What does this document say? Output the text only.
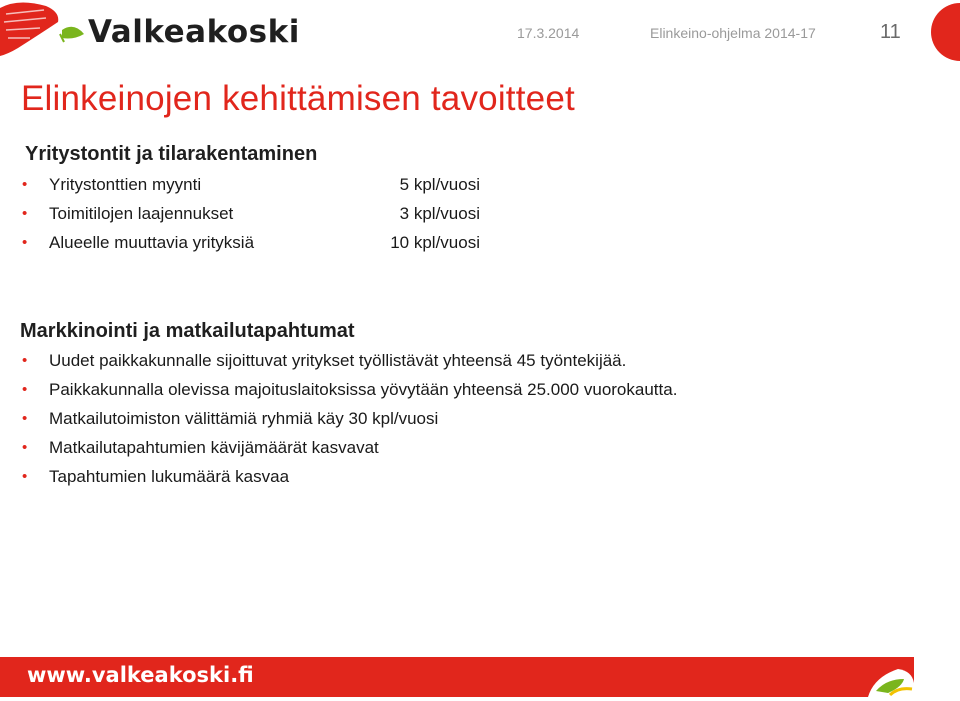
Valkeakoski	17.3.2014	Elinkeino-ohjelma 2014-17	11
Elinkeinojen kehittämisen tavoitteet
Yritystontit ja tilarakentaminen
• Yritystonttien myynti	5 kpl/vuosi
• Toimitilojen laajennukset	3 kpl/vuosi
• Alueelle muuttavia yrityksiä	10 kpl/vuosi
Markkinointi ja matkailutapahtumat
• Uudet paikkakunnalle sijoittuvat yritykset työllistävät yhteensä 45 työntekijää.
• Paikkakunnalla olevissa majoituslaitoksissa yövytään yhteensä 25.000 vuorokautta.
• Matkailutoimiston välittämiä ryhmiä käy 30 kpl/vuosi
• Matkailutapahtumien kävijämäärät kasvavat
• Tapahtumien lukumäärä kasvaa
www.valkeakoski.fi
